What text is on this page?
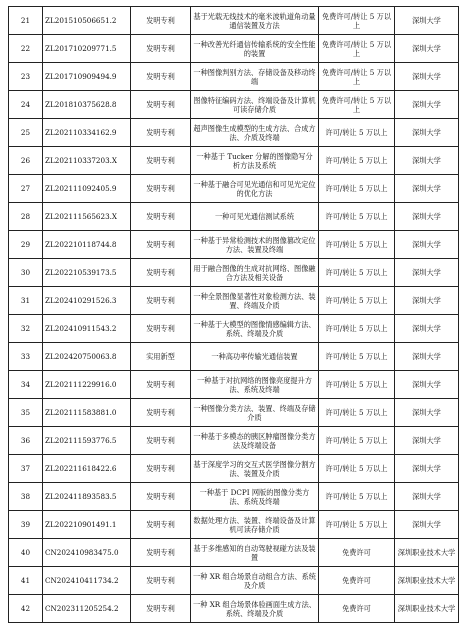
21	ZL201510506651.2	发明专利	基于光载无线技术的毫米波轨道角动量通信装置及方法	免费许可/转让 5 万以上	深圳大学
22	ZL201710209771.5	发明专利	一种改善光纤通信传输系统的安全性能的装置	免费许可/转让 5 万以上	深圳大学
23	ZL201710909494.9	发明专利	一种图像判别方法、存储设备及移动终端	免费许可/转让 5 万以上	深圳大学
24	ZL201810375628.8	发明专利	图像特征编码方法、终端设备及计算机可读存储介质	免费许可/转让 5 万以上	深圳大学
25	ZL202110334162.9	发明专利	超声图像生成模型的生成方法、合成方法、介质及终端	许可/转让 5 万以上	深圳大学
26	ZL202110337203.X	发明专利	一种基于 Tucker 分解的图像隐写分析方法及系统	许可/转让 5 万以上	深圳大学
27	ZL202111092405.9	发明专利	一种基于融合可见光通信和可见光定位的优化方法	许可/转让 5 万以上	深圳大学
28	ZL202111565623.X	发明专利	一种可见光通信测试系统	许可/转让 5 万以上	深圳大学
29	ZL202210118744.8	发明专利	一种基于异常检测技术的图像篡改定位方法、装置及终端	许可/转让 5 万以上	深圳大学
30	ZL202210539173.5	发明专利	用于融合图像的生成对抗网络、图像融合方法及相关设备	许可/转让 5 万以上	深圳大学
31	ZL202410291526.3	发明专利	一种全景图像显著性对象检测方法、装置、终端及介质	许可/转让 5 万以上	深圳大学
32	ZL202410911543.2	发明专利	一种基于大模型的图像情感编辑方法、系统、终端及介质	许可/转让 5 万以上	深圳大学
33	ZL202420750063.8	实用新型	一种高功率传输光通信装置	许可/转让 5 万以上	深圳大学
34	ZL202111229916.0	发明专利	一种基于对抗网络的图像亮度提升方法、系统及终端	许可/转让 5 万以上	深圳大学
35	ZL202111583881.0	发明专利	一种图像分类方法、装置、终端及存储介质	许可/转让 5 万以上	深圳大学
36	ZL202111593776.5	发明专利	一种基于多模态的胰区肿瘤图像分类方法及终端设备	许可/转让 5 万以上	深圳大学
37	ZL202211618422.6	发明专利	基于深度学习的交互式医学图像分割方法、装置及介质	许可/转让 5 万以上	深圳大学
38	ZL202411893583.5	发明专利	一种基于 DCPI 网版的图像分类方法、系统及终端	许可/转让 5 万以上	深圳大学
39	ZL202210901491.1	发明专利	数据处理方法、装置、终端设备及计算机可读存储介质	许可/转让 5 万以上	深圳大学
40	CN202410983475.0	发明专利	基于多维感知的自动驾驶视碰方法及装置	免费许可	深圳职业技术大学
41	CN202410411734.2	发明专利	一种 XR 组合场景自动组合方法、系统及介质	免费许可	深圳职业技术大学
42	CN202311205254.2	发明专利	一种 XR 组合场景体验画面生成方法、系统、终端及介质	免费许可	深圳职业技术大学
